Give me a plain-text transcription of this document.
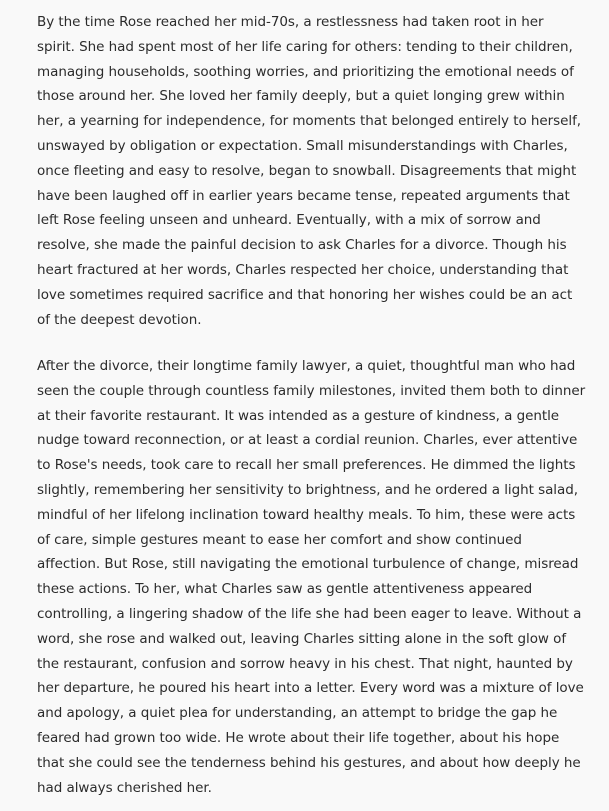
By the time Rose reached her mid-70s, a restlessness had taken root in her
spirit. She had spent most of her life caring for others: tending to their children,
managing households, soothing worries, and prioritizing the emotional needs of
those around her. She loved her family deeply, but a quiet longing grew within
her, a yearning for independence, for moments that belonged entirely to herself,
unswayed by obligation or expectation. Small misunderstandings with Charles,
once fleeting and easy to resolve, began to snowball. Disagreements that might
have been laughed off in earlier years became tense, repeated arguments that
left Rose feeling unseen and unheard. Eventually, with a mix of sorrow and
resolve, she made the painful decision to ask Charles for a divorce. Though his
heart fractured at her words, Charles respected her choice, understanding that
love sometimes required sacrifice and that honoring her wishes could be an act
of the deepest devotion.

After the divorce, their longtime family lawyer, a quiet, thoughtful man who had
seen the couple through countless family milestones, invited them both to dinner
at their favorite restaurant. It was intended as a gesture of kindness, a gentle
nudge toward reconnection, or at least a cordial reunion. Charles, ever attentive
to Rose's needs, took care to recall her small preferences. He dimmed the lights
slightly, remembering her sensitivity to brightness, and he ordered a light salad,
mindful of her lifelong inclination toward healthy meals. To him, these were acts
of care, simple gestures meant to ease her comfort and show continued
affection. But Rose, still navigating the emotional turbulence of change, misread
these actions. To her, what Charles saw as gentle attentiveness appeared
controlling, a lingering shadow of the life she had been eager to leave. Without a
word, she rose and walked out, leaving Charles sitting alone in the soft glow of
the restaurant, confusion and sorrow heavy in his chest. That night, haunted by
her departure, he poured his heart into a letter. Every word was a mixture of love
and apology, a quiet plea for understanding, an attempt to bridge the gap he
feared had grown too wide. He wrote about their life together, about his hope
that she could see the tenderness behind his gestures, and about how deeply he
had always cherished her.
